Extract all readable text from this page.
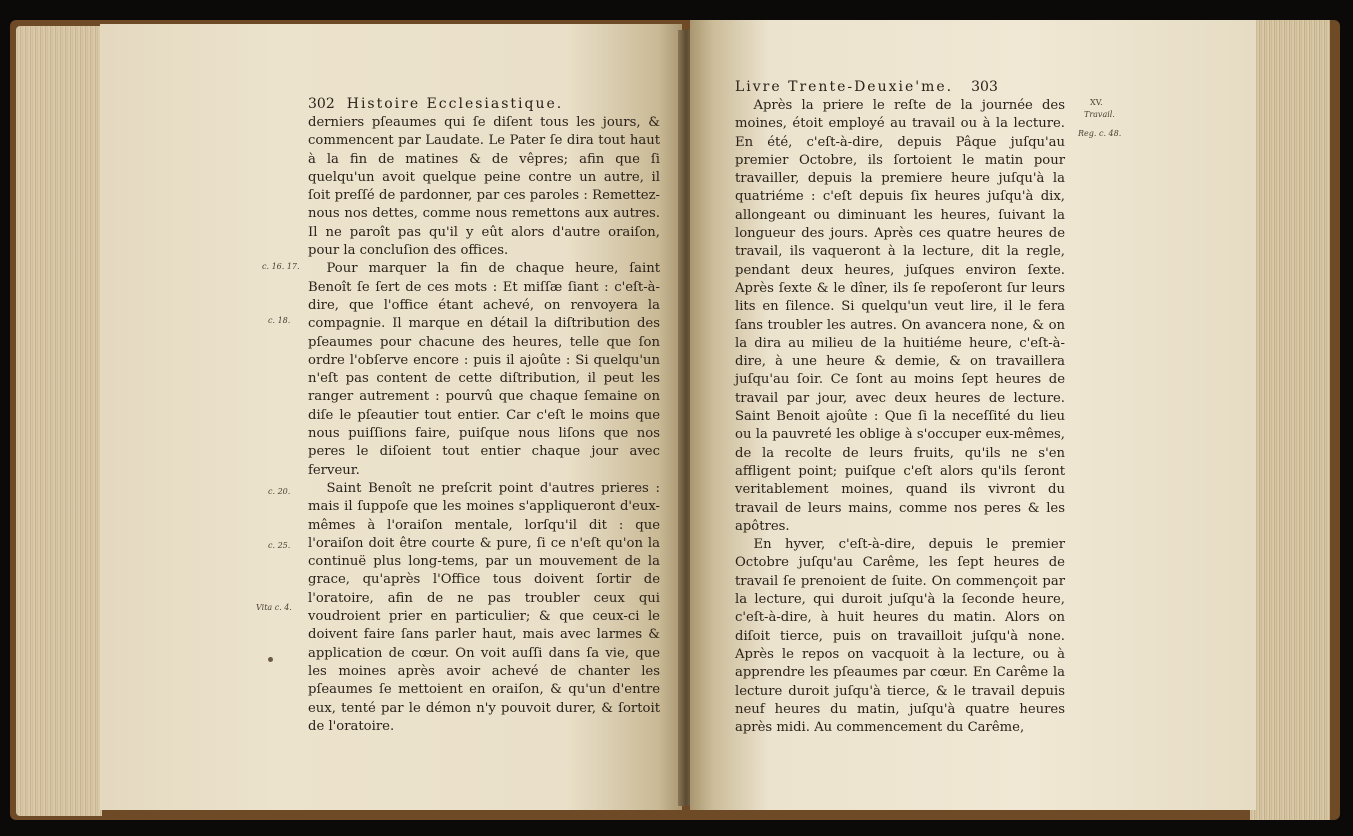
302 Histoire Ecclesiastique.

derniers pſeaumes qui ſe diſent tous les jours, & commencent par Laudate. Le Pater ſe dira tout haut à la fin de matines & de vêpres; afin que ſi quelqu'un avoit quelque peine contre un autre, il ſoit preſſé de pardonner, par ces paroles : Remettez-nous nos dettes, comme nous remettons aux autres. Il ne paroît pas qu'il y eût alors d'autre oraiſon, pour la concluſion des offices.

Pour marquer la fin de chaque heure, ſaint Benoît ſe ſert de ces mots : Et miſſæ ſiant : c'eſt-à-dire, que l'office étant achevé, on renvoyera la compagnie. Il marque en détail la diſtribution des pſeaumes pour chacune des heures, telle que ſon ordre l'obſerve encore : puis il ajoûte : Si quelqu'un n'eſt pas content de cette diſtribution, il peut les ranger autrement : pourvû que chaque ſemaine on diſe le pſeautier tout entier. Car c'eſt le moins que nous puiſſions faire, puiſque nous liſons que nos peres le diſoient tout entier chaque jour avec ferveur.

Saint Benoît ne preſcrit point d'autres prieres : mais il ſuppoſe que les moines s'appliqueront d'eux-mêmes à l'oraiſon mentale, lorſqu'il dit : que l'oraiſon doit être courte & pure, ſi ce n'eſt qu'on la continuë plus long-tems, par un mouvement de la grace, qu'après l'Office tous doivent ſortir de l'oratoire, afin de ne pas troubler ceux qui voudroient prier en particulier; & que ceux-ci le doivent faire ſans parler haut, mais avec larmes & application de cœur. On voit auſſi dans ſa vie, que les moines après avoir achevé de chanter les pſeaumes ſe mettoient en oraiſon, & qu'un d'entre eux, tenté par le démon n'y pouvoit durer, & ſortoit de l'oratoire.

c. 16. 17.
c. 18.
c. 20.
c. 25.
Vita c. 4.
Livre Trente-Deuxie'me. 303

Après la priere le reſte de la journée des moines, étoit employé au travail ou à la lecture. En été, c'eſt-à-dire, depuis Pâque juſqu'au premier Octobre, ils ſortoient le matin pour travailler, depuis la premiere heure juſqu'à la quatriéme : c'eſt depuis ſix heures juſqu'à dix, allongeant ou diminuant les heures, ſuivant la longueur des jours. Après ces quatre heures de travail, ils vaqueront à la lecture, dit la regle, pendant deux heures, juſques environ ſexte. Après ſexte & le dîner, ils ſe repoſeront ſur leurs lits en ſilence. Si quelqu'un veut lire, il le fera ſans troubler les autres. On avancera none, & on la dira au milieu de la huitiéme heure, c'eſt-à-dire, à une heure & demie, & on travaillera juſqu'au ſoir. Ce ſont au moins ſept heures de travail par jour, avec deux heures de lecture. Saint Benoit ajoûte : Que ſi la neceſſité du lieu ou la pauvreté les oblige à s'occuper eux-mêmes, de la recolte de leurs fruits, qu'ils ne s'en affligent point; puiſque c'eſt alors qu'ils ſeront veritablement moines, quand ils vivront du travail de leurs mains, comme nos peres & les apôtres.

En hyver, c'eſt-à-dire, depuis le premier Octobre juſqu'au Carême, les ſept heures de travail ſe prenoient de ſuite. On commençoit par la lecture, qui duroit juſqu'à la ſeconde heure, c'eſt-à-dire, à huit heures du matin. Alors on diſoit tierce, puis on travailloit juſqu'à none. Après le repos on vacquoit à la lecture, ou à apprendre les pſeaumes par cœur. En Carême la lecture duroit juſqu'à tierce, & le travail depuis neuf heures du matin, juſqu'à quatre heures après midi. Au commencement du Carême,

XV.
Travail.
Reg. c. 48.
